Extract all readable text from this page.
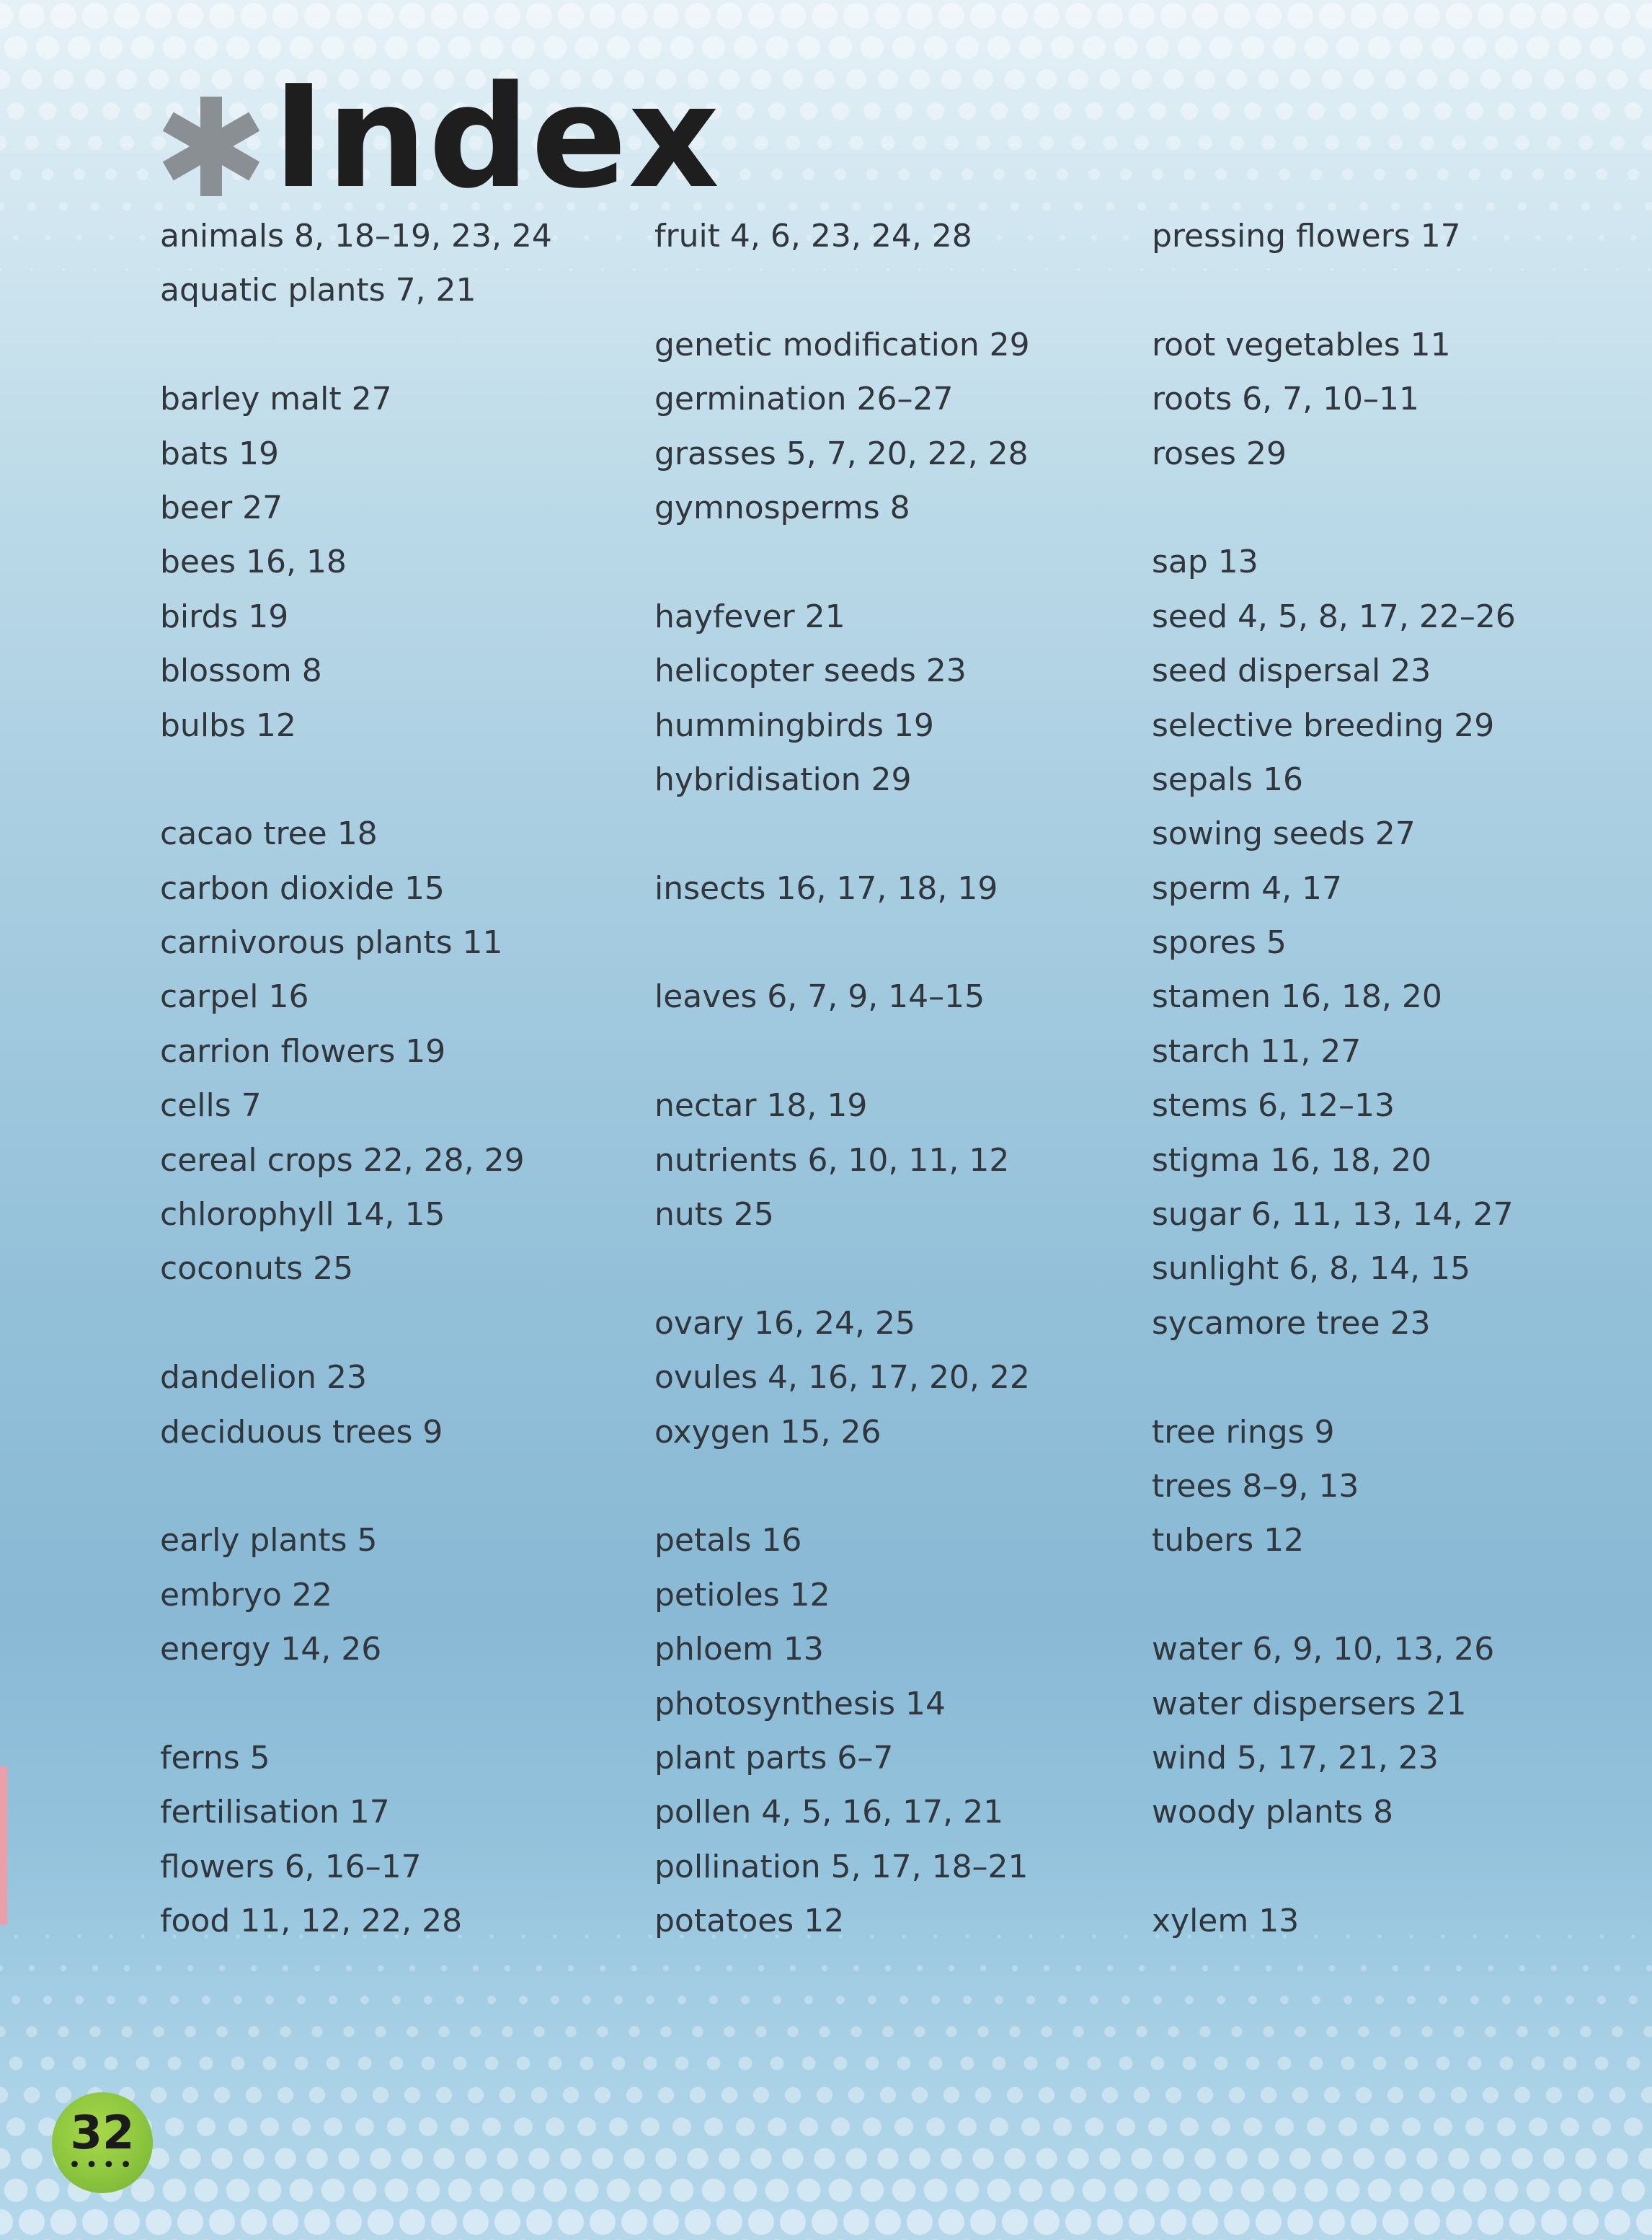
Index
animals 8, 18–19, 23, 24
aquatic plants 7, 21
barley malt 27
bats 19
beer 27
bees 16, 18
birds 19
blossom 8
bulbs 12
cacao tree 18
carbon dioxide 15
carnivorous plants 11
carpel 16
carrion flowers 19
cells 7
cereal crops 22, 28, 29
chlorophyll 14, 15
coconuts 25
dandelion 23
deciduous trees 9
early plants 5
embryo 22
energy 14, 26
ferns 5
fertilisation 17
flowers 6, 16–17
food 11, 12, 22, 28
fruit 4, 6, 23, 24, 28
genetic modification 29
germination 26–27
grasses 5, 7, 20, 22, 28
gymnosperms 8
hayfever 21
helicopter seeds 23
hummingbirds 19
hybridisation 29
insects 16, 17, 18, 19
leaves 6, 7, 9, 14–15
nectar 18, 19
nutrients 6, 10, 11, 12
nuts 25
ovary 16, 24, 25
ovules 4, 16, 17, 20, 22
oxygen 15, 26
petals 16
petioles 12
phloem 13
photosynthesis 14
plant parts 6–7
pollen 4, 5, 16, 17, 21
pollination 5, 17, 18–21
potatoes 12
pressing flowers 17
root vegetables 11
roots 6, 7, 10–11
roses 29
sap 13
seed 4, 5, 8, 17, 22–26
seed dispersal 23
selective breeding 29
sepals 16
sowing seeds 27
sperm 4, 17
spores 5
stamen 16, 18, 20
starch 11, 27
stems 6, 12–13
stigma 16, 18, 20
sugar 6, 11, 13, 14, 27
sunlight 6, 8, 14, 15
sycamore tree 23
tree rings 9
trees 8–9, 13
tubers 12
water 6, 9, 10, 13, 26
water dispersers 21
wind 5, 17, 21, 23
woody plants 8
xylem 13
32
••••
